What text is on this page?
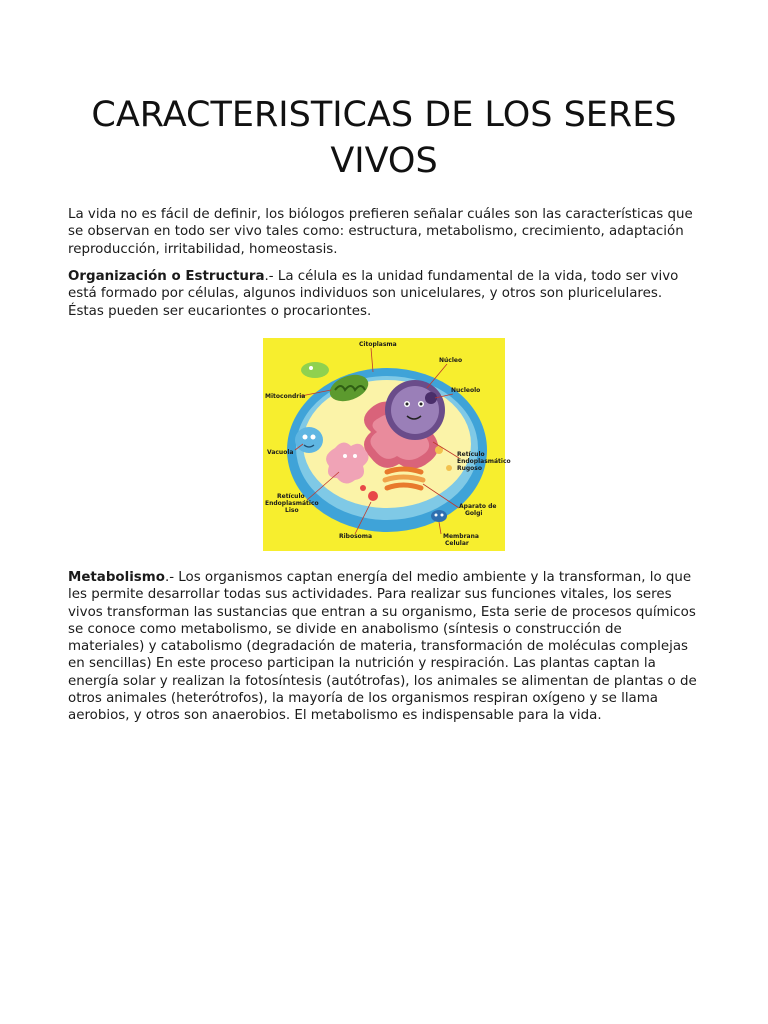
CARACTERISTICAS DE LOS SERES VIVOS

La vida no es fácil de definir, los biólogos prefieren señalar cuáles son las características que se observan en todo ser vivo tales como: estructura, metabolismo, crecimiento, adaptación reproducción, irritabilidad, homeostasis.

Organización o Estructura.- La célula es la unidad fundamental de la vida, todo ser vivo está formado por células, algunos individuos son unicelulares, y otros son pluricelulares. Éstas pueden ser eucariontes o procariontes.

Citoplasma
Núcleo
Nucleolo
Mitocondria
Vacuola	Retículo
Endoplasmático
Rugoso
Retículo
Endoplasmático
Liso
Aparato de
Golgi
Ribosoma	Membrana
Celular

Metabolismo.- Los organismos captan energía del medio ambiente y la transforman, lo que les permite desarrollar todas sus actividades. Para realizar sus funciones vitales, los seres vivos transforman las sustancias que entran a su organismo, Esta serie de procesos químicos se conoce como metabolismo, se divide en anabolismo (síntesis o construcción de materiales) y catabolismo (degradación de materia, transformación de moléculas complejas en sencillas) En este proceso participan la nutrición y respiración. Las plantas captan la energía solar y realizan la fotosíntesis (autótrofas), los animales se alimentan de plantas o de otros animales (heterótrofos), la mayoría de los organismos respiran oxígeno y se llama aerobios, y otros son anaerobios. El metabolismo es indispensable para la vida.
